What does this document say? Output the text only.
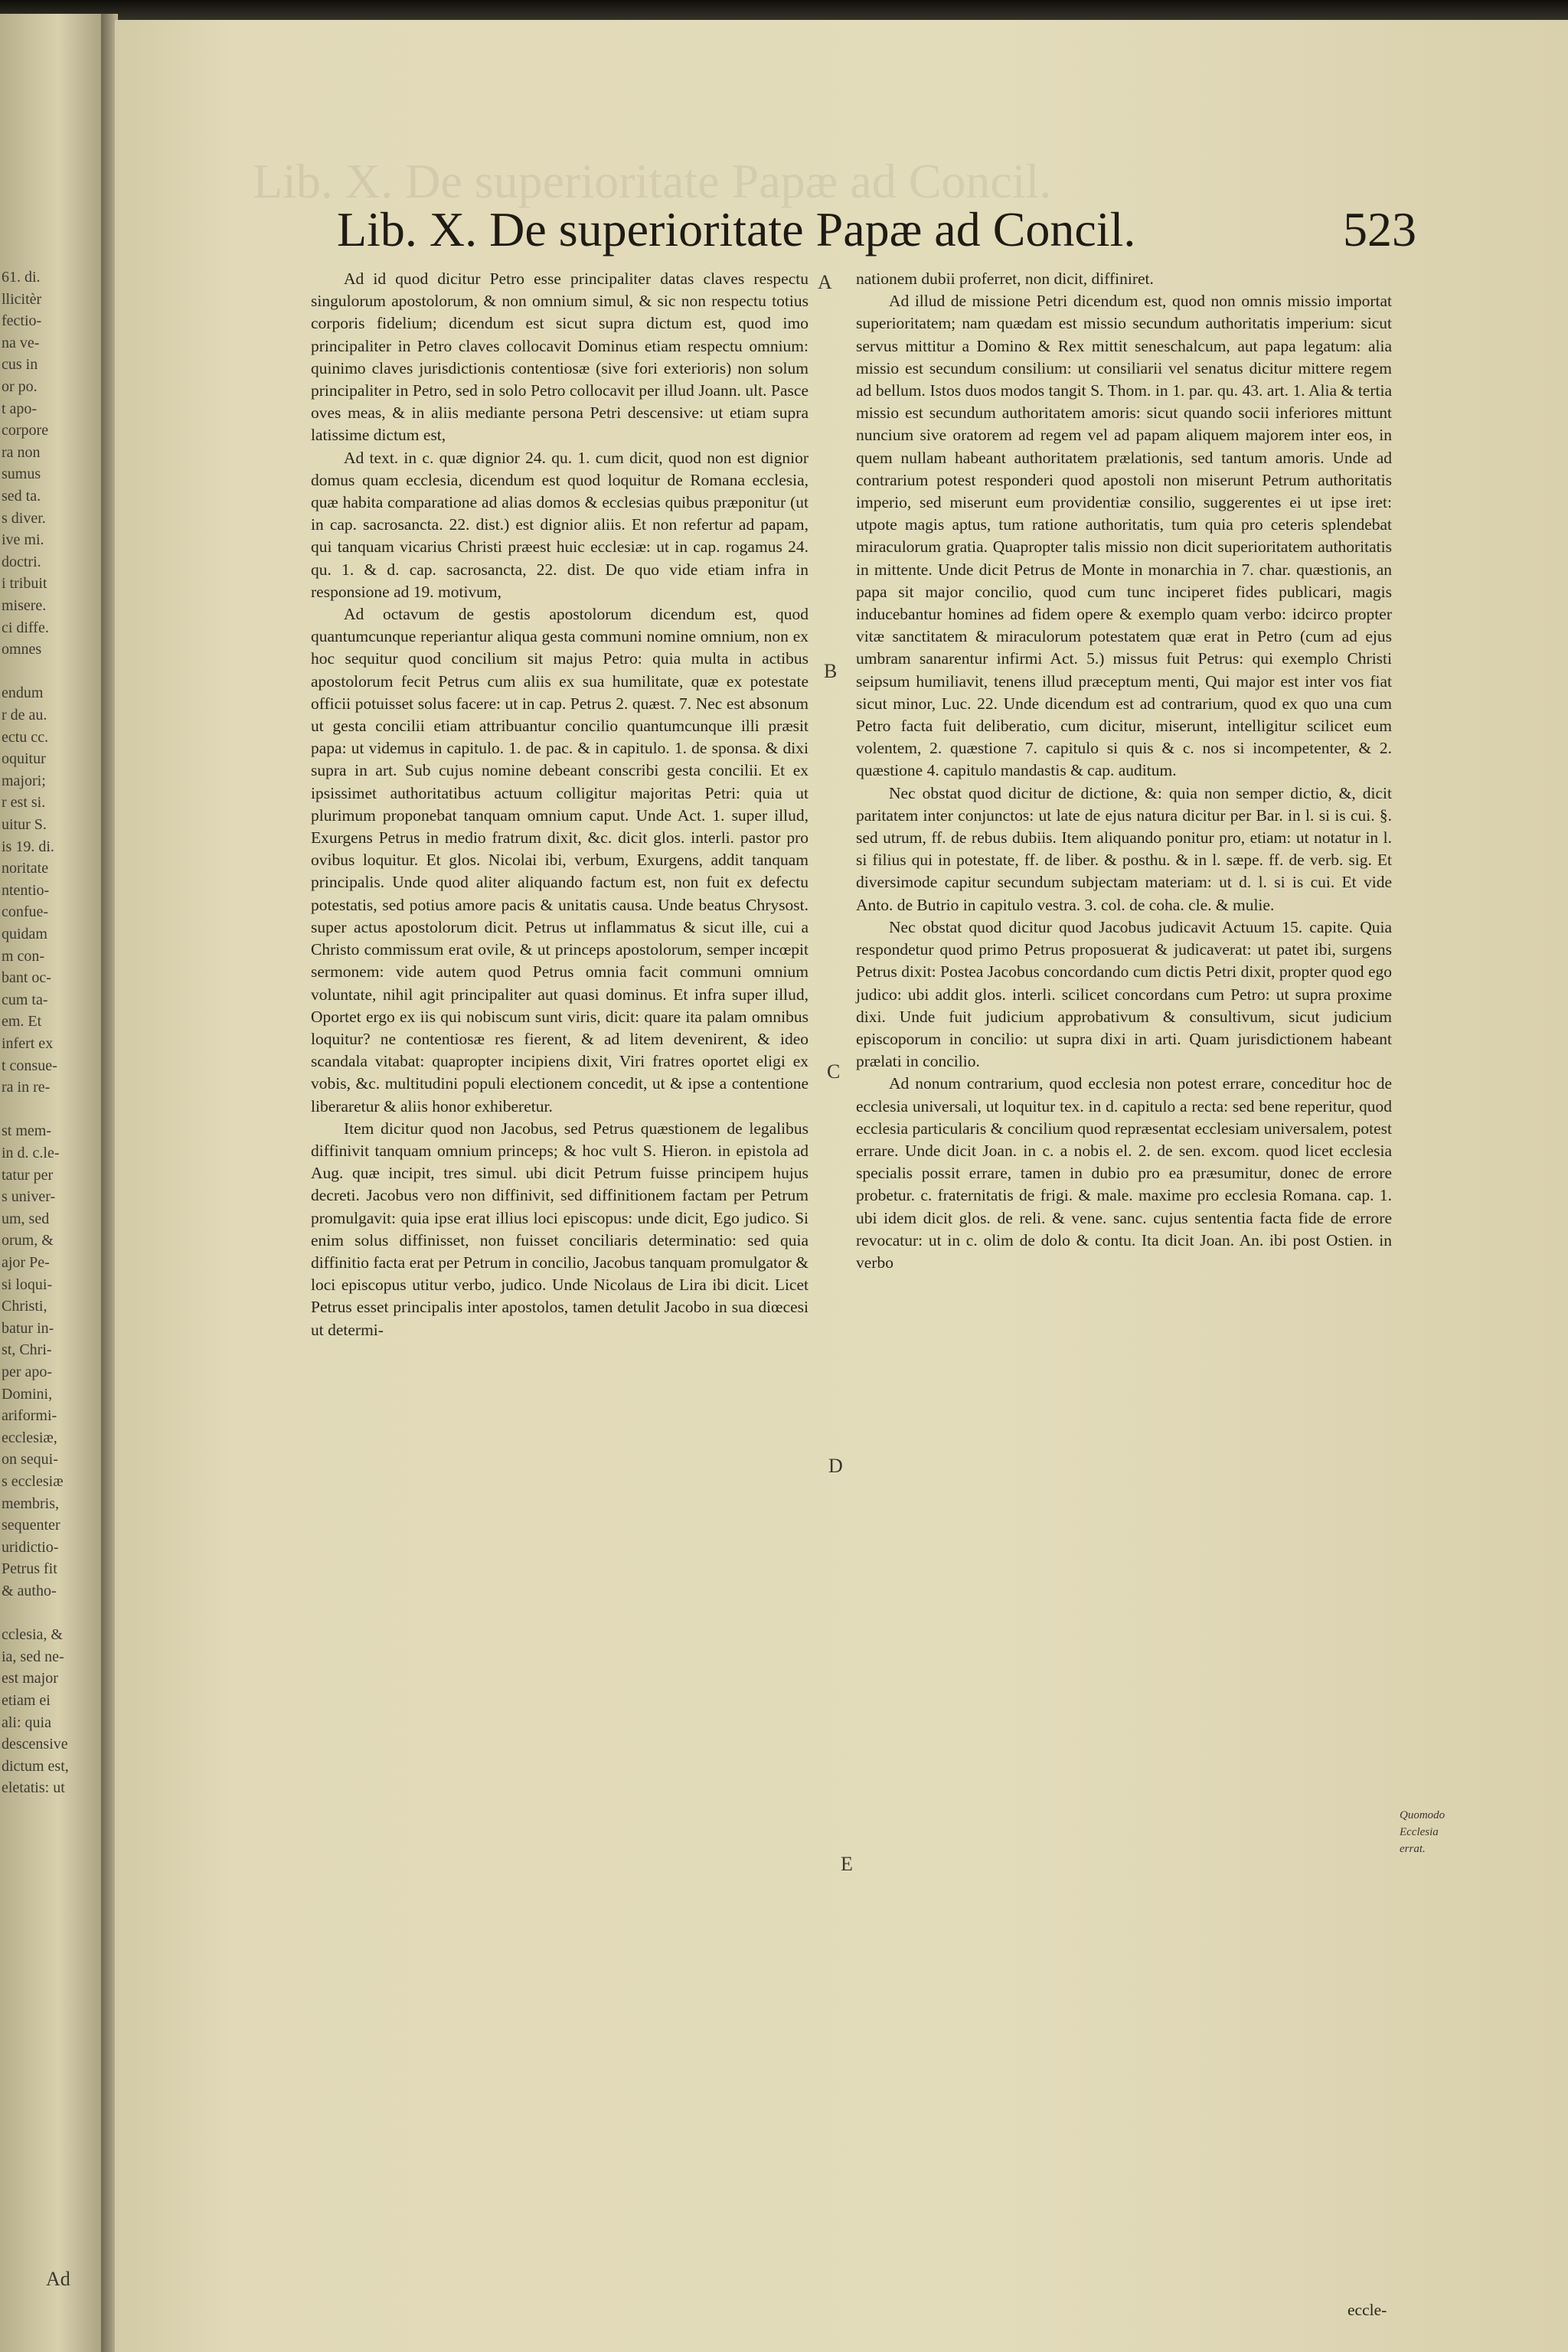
61. di.
llicitèr
fectio-
na ve-
cus in
or po.
t apo-
corpore
ra non
sumus
sed ta.
s diver.
ive mi.
doctri.
i tribuit
misere.
ci diffe.
omnes
endum
r de au.
ectu cc.
oquitur
majori;
r est si.
uitur S.
is 19. di.
noritate
ntentio-
confue-
quidam
m con-
bant oc-
cum ta-
em. Et
infert ex
t consue-
ra in re-
st mem-
in d. c.le-
tatur per
s univer-
um, sed
orum, &
ajor Pe-
si loqui-
Christi,
batur in-
st, Chri-
per apo-
Domini,
ariformi-
ecclesiæ,
on sequi-
s ecclesiæ
membris,
sequenter
uridictio-
Petrus fit
& autho-
cclesia, &
ia, sed ne-
est major
etiam ei
ali: quia
descensive
dictum est,
eletatis: ut
Ad
Lib. X. De superioritate Papæ ad Concil.
Lib. X. De superioritate Papæ ad Concil.	523

Ad id quod dicitur Petro esse principaliter datas claves respectu singulorum apostolorum, & non omnium simul, & sic non respectu totius corporis fidelium; dicendum est sicut supra dictum est, quod imo principaliter in Petro claves collocavit Dominus etiam respectu omnium: quinimo claves jurisdictionis contentiosæ (sive fori exterioris) non solum principaliter in Petro, sed in solo Petro collocavit per illud Joann. ult. Pasce oves meas, & in aliis mediante persona Petri descensive: ut etiam supra latissime dictum est,

Ad text. in c. quæ dignior 24. qu. 1. cum dicit, quod non est dignior domus quam ecclesia, dicendum est quod loquitur de Romana ecclesia, quæ habita comparatione ad alias domos & ecclesias quibus præponitur (ut in cap. sacrosancta. 22. dist.) est dignior aliis. Et non refertur ad papam, qui tanquam vicarius Christi præest huic ecclesiæ: ut in cap. rogamus 24. qu. 1. & d. cap. sacrosancta, 22. dist. De quo vide etiam infra in responsione ad 19. motivum,

Ad octavum de gestis apostolorum dicendum est, quod quantumcunque reperiantur aliqua gesta communi nomine omnium, non ex hoc sequitur quod concilium sit majus Petro: quia multa in actibus apostolorum fecit Petrus cum aliis ex sua humilitate, quæ ex potestate officii potuisset solus facere: ut in cap. Petrus 2. quæst. 7. Nec est absonum ut gesta concilii etiam attribuantur concilio quantumcunque illi præsit papa: ut videmus in capitulo. 1. de pac. & in capitulo. 1. de sponsa. & dixi supra in art. Sub cujus nomine debeant conscribi gesta concilii. Et ex ipsissimet authoritatibus actuum colligitur majoritas Petri: quia ut plurimum proponebat tanquam omnium caput. Unde Act. 1. super illud, Exurgens Petrus in medio fratrum dixit, &c. dicit glos. interli. pastor pro ovibus loquitur. Et glos. Nicolai ibi, verbum, Exurgens, addit tanquam principalis. Unde quod aliter aliquando factum est, non fuit ex defectu potestatis, sed potius amore pacis & unitatis causa. Unde beatus Chrysost. super actus apostolorum dicit. Petrus ut inflammatus & sicut ille, cui a Christo commissum erat ovile, & ut princeps apostolorum, semper incœpit sermonem: vide autem quod Petrus omnia facit communi omnium voluntate, nihil agit principaliter aut quasi dominus. Et infra super illud, Oportet ergo ex iis qui nobiscum sunt viris, dicit: quare ita palam omnibus loquitur? ne contentiosæ res fierent, & ad litem devenirent, & ideo scandala vitabat: quapropter incipiens dixit, Viri fratres oportet eligi ex vobis, &c. multitudini populi electionem concedit, ut & ipse a contentione liberaretur & aliis honor exhiberetur.

Item dicitur quod non Jacobus, sed Petrus quæstionem de legalibus diffinivit tanquam omnium princeps; & hoc vult S. Hieron. in epistola ad Aug. quæ incipit, tres simul. ubi dicit Petrum fuisse principem hujus decreti. Jacobus vero non diffinivit, sed diffinitionem factam per Petrum promulgavit: quia ipse erat illius loci episcopus: unde dicit, Ego judico. Si enim solus diffinisset, non fuisset conciliaris determinatio: sed quia diffinitio facta erat per Petrum in concilio, Jacobus tanquam promulgator & loci episcopus utitur verbo, judico. Unde Nicolaus de Lira ibi dicit. Licet Petrus esset principalis inter apostolos, tamen detulit Jacobo in sua diœcesi ut determi-

nationem dubii proferret, non dicit, diffiniret.

Ad illud de missione Petri dicendum est, quod non omnis missio importat superioritatem; nam quædam est missio secundum authoritatis imperium: sicut servus mittitur a Domino & Rex mittit seneschalcum, aut papa legatum: alia missio est secundum consilium: ut consiliarii vel senatus dicitur mittere regem ad bellum. Istos duos modos tangit S. Thom. in 1. par. qu. 43. art. 1. Alia & tertia missio est secundum authoritatem amoris: sicut quando socii inferiores mittunt nuncium sive oratorem ad regem vel ad papam aliquem majorem inter eos, in quem nullam habeant authoritatem prælationis, sed tantum amoris. Unde ad contrarium potest responderi quod apostoli non miserunt Petrum authoritatis imperio, sed miserunt eum providentiæ consilio, suggerentes ei ut ipse iret: utpote magis aptus, tum ratione authoritatis, tum quia pro ceteris splendebat miraculorum gratia. Quapropter talis missio non dicit superioritatem authoritatis in mittente. Unde dicit Petrus de Monte in monarchia in 7. char. quæstionis, an papa sit major concilio, quod cum tunc inciperet fides publicari, magis inducebantur homines ad fidem opere & exemplo quam verbo: idcirco propter vitæ sanctitatem & miraculorum potestatem quæ erat in Petro (cum ad ejus umbram sanarentur infirmi Act. 5.) missus fuit Petrus: qui exemplo Christi seipsum humiliavit, tenens illud præceptum menti, Qui major est inter vos fiat sicut minor, Luc. 22. Unde dicendum est ad contrarium, quod ex quo una cum Petro facta fuit deliberatio, cum dicitur, miserunt, intelligitur scilicet eum volentem, 2. quæstione 7. capitulo si quis & c. nos si incompetenter, & 2. quæstione 4. capitulo mandastis & cap. auditum.

Nec obstat quod dicitur de dictione, &: quia non semper dictio, &, dicit paritatem inter conjunctos: ut late de ejus natura dicitur per Bar. in l. si is cui. §. sed utrum, ff. de rebus dubiis. Item aliquando ponitur pro, etiam: ut notatur in l. si filius qui in potestate, ff. de liber. & posthu. & in l. sæpe. ff. de verb. sig. Et diversimode capitur secundum subjectam materiam: ut d. l. si is cui. Et vide Anto. de Butrio in capitulo vestra. 3. col. de coha. cle. & mulie.

Nec obstat quod dicitur quod Jacobus judicavit Actuum 15. capite. Quia respondetur quod primo Petrus proposuerat & judicaverat: ut patet ibi, surgens Petrus dixit: Postea Jacobus concordando cum dictis Petri dixit, propter quod ego judico: ubi addit glos. interli. scilicet concordans cum Petro: ut supra proxime dixi. Unde fuit judicium approbativum & consultivum, sicut judicium episcoporum in concilio: ut supra dixi in arti. Quam jurisdictionem habeant prælati in concilio.

Ad nonum contrarium, quod ecclesia non potest errare, conceditur hoc de ecclesia universali, ut loquitur tex. in d. capitulo a recta: sed bene reperitur, quod ecclesia particularis & concilium quod repræsentat ecclesiam universalem, potest errare. Unde dicit Joan. in c. a nobis el. 2. de sen. excom. quod licet ecclesia specialis possit errare, tamen in dubio pro ea præsumitur, donec de errore probetur. c. fraternitatis de frigi. & male. maxime pro ecclesia Romana. cap. 1. ubi idem dicit glos. de reli. & vene. sanc. cujus sententia facta fide de errore revocatur: ut in c. olim de dolo & contu. Ita dicit Joan. An. ibi post Ostien. in verbo

A
B
C
D
E
Quomodo Ecclesia errat.
eccle-
